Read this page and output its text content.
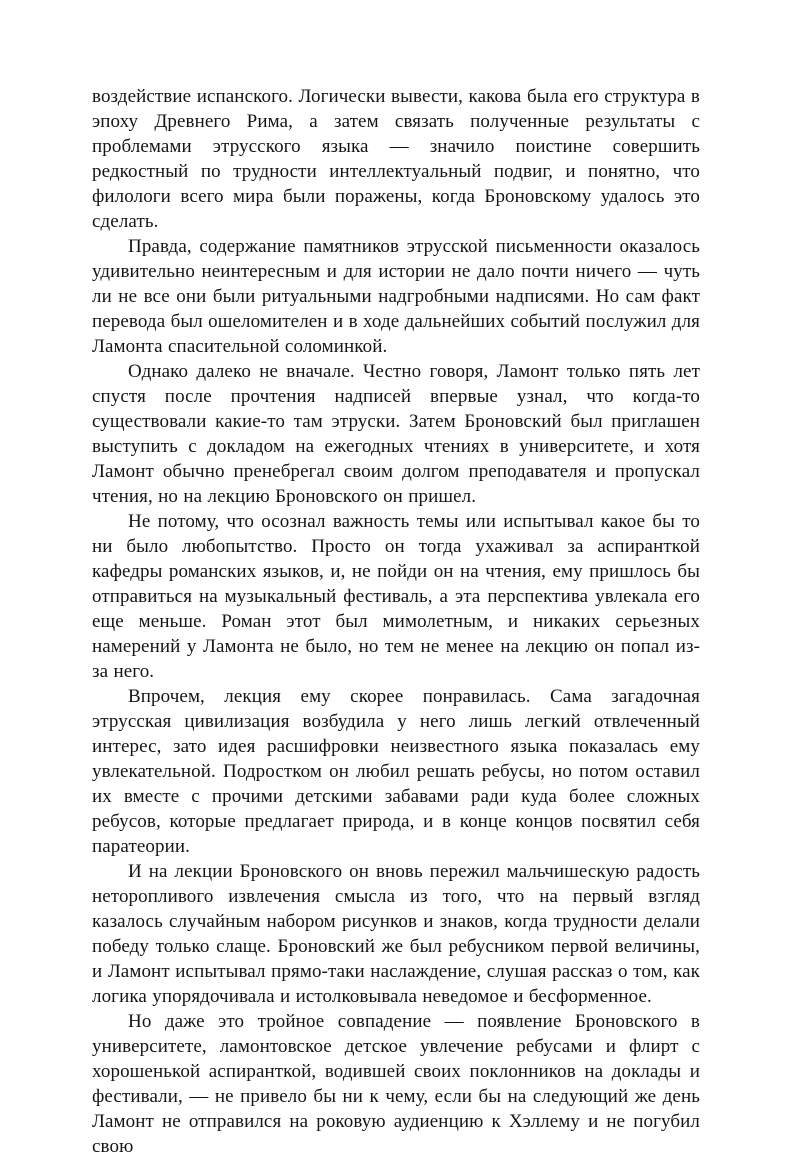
воздействие испанского. Логически вывести, какова была его структура в эпоху Древнего Рима, а затем связать полученные результаты с проблемами этрусского языка — значило поистине совершить редкостный по трудности интеллектуальный подвиг, и понятно, что филологи всего мира были поражены, когда Броновскому удалось это сделать.

Правда, содержание памятников этрусской письменности оказалось удивительно неинтересным и для истории не дало почти ничего — чуть ли не все они были ритуальными надгробными надписями. Но сам факт перевода был ошеломителен и в ходе дальнейших событий послужил для Ламонта спасительной соломинкой.

Однако далеко не вначале. Честно говоря, Ламонт только пять лет спустя после прочтения надписей впервые узнал, что когда-то существовали какие-то там этруски. Затем Броновский был приглашен выступить с докладом на ежегодных чтениях в университете, и хотя Ламонт обычно пренебрегал своим долгом преподавателя и пропускал чтения, но на лекцию Броновского он пришел.

Не потому, что осознал важность темы или испытывал какое бы то ни было любопытство. Просто он тогда ухаживал за аспиранткой кафедры романских языков, и, не пойди он на чтения, ему пришлось бы отправиться на музыкальный фестиваль, а эта перспектива увлекала его еще меньше. Роман этот был мимолетным, и никаких серьезных намерений у Ламонта не было, но тем не менее на лекцию он попал из-за него.

Впрочем, лекция ему скорее понравилась. Сама загадочная этрусская цивилизация возбудила у него лишь легкий отвлеченный интерес, зато идея расшифровки неизвестного языка показалась ему увлекательной. Подростком он любил решать ребусы, но потом оставил их вместе с прочими детскими забавами ради куда более сложных ребусов, которые предлагает природа, и в конце концов посвятил себя паратеории.

И на лекции Броновского он вновь пережил мальчишескую радость неторопливого извлечения смысла из того, что на первый взгляд казалось случайным набором рисунков и знаков, когда трудности делали победу только слаще. Броновский же был ребусником первой величины, и Ламонт испытывал прямо-таки наслаждение, слушая рассказ о том, как логика упорядочивала и истолковывала неведомое и бесформенное.

Но даже это тройное совпадение — появление Броновского в университете, ламонтовское детское увлечение ребусами и флирт с хорошенькой аспиранткой, водившей своих поклонников на доклады и фестивали, — не привело бы ни к чему, если бы на следующий же день Ламонт не отправился на роковую аудиенцию к Хэллему и не погубил свою
